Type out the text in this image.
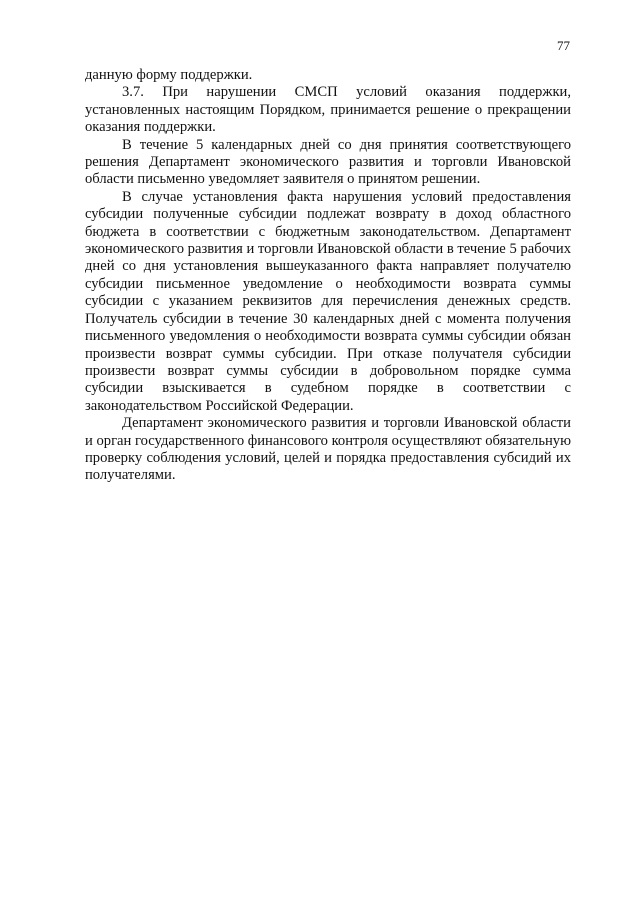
77

данную форму поддержки.

3.7. При нарушении СМСП условий оказания поддержки, установленных настоящим Порядком, принимается решение о прекращении оказания поддержки.

В течение 5 календарных дней со дня принятия соответствующего решения Департамент экономического развития и торговли Ивановской области письменно уведомляет заявителя о принятом решении.

В случае установления факта нарушения условий предоставления субсидии полученные субсидии подлежат возврату в доход областного бюджета в соответствии с бюджетным законодательством. Департамент экономического развития и торговли Ивановской области в течение 5 рабочих дней со дня установления вышеуказанного факта направляет получателю субсидии письменное уведомление о необходимости возврата суммы субсидии с указанием реквизитов для перечисления денежных средств. Получатель субсидии в течение 30 календарных дней с момента получения письменного уведомления о необходимости возврата суммы субсидии обязан произвести возврат суммы субсидии. При отказе получателя субсидии произвести возврат суммы субсидии в добровольном порядке сумма субсидии взыскивается в судебном порядке в соответствии с законодательством Российской Федерации.

Департамент экономического развития и торговли Ивановской области и орган государственного финансового контроля осуществляют обязательную проверку соблюдения условий, целей и порядка предоставления субсидий их получателями.
